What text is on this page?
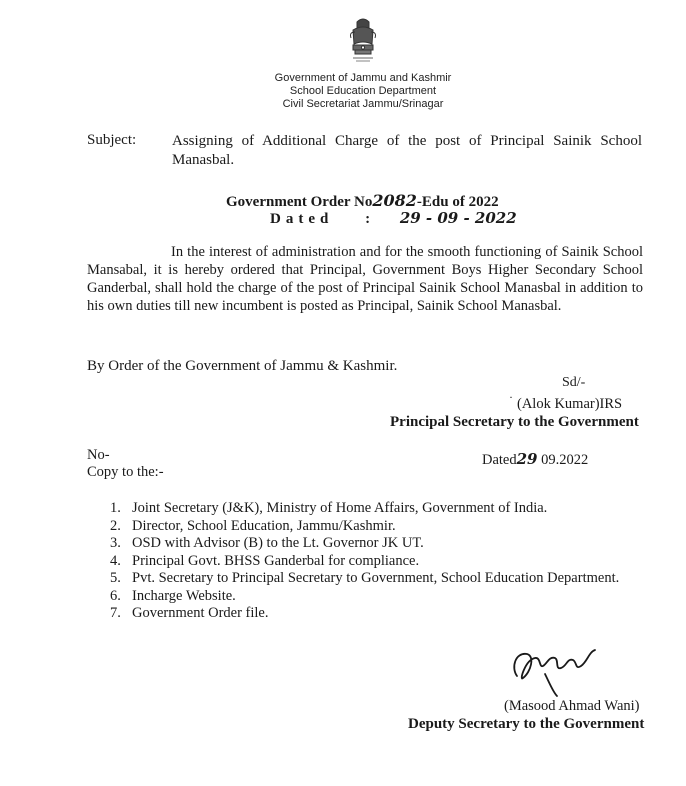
Government of Jammu and Kashmir
School Education Department
Civil Secretariat Jammu/Srinagar
Subject: Assigning of Additional Charge of the post of Principal Sainik School Manasbal.
Government Order No2082-Edu of 2022
Dated : 29 - 09 - 2022
In the interest of administration and for the smooth functioning of Sainik School Mansabal, it is hereby ordered that Principal, Government Boys Higher Secondary School Ganderbal, shall hold the charge of the post of Principal Sainik School Manasbal in addition to his own duties till new incumbent is posted as Principal, Sainik School Manasbal.
By Order of the Government of Jammu & Kashmir.
Sd/-
· (Alok Kumar)IRS
Principal Secretary to the Government
No-	Dated29 09.2022
Copy to the:-
1. Joint Secretary (J&K), Ministry of Home Affairs, Government of India.
2. Director, School Education, Jammu/Kashmir.
3. OSD with Advisor (B) to the Lt. Governor JK UT.
4. Principal Govt. BHSS Ganderbal for compliance.
5. Pvt. Secretary to Principal Secretary to Government, School Education Department.
6. Incharge Website.
7. Government Order file.
(Masood Ahmad Wani)
Deputy Secretary to the Government
